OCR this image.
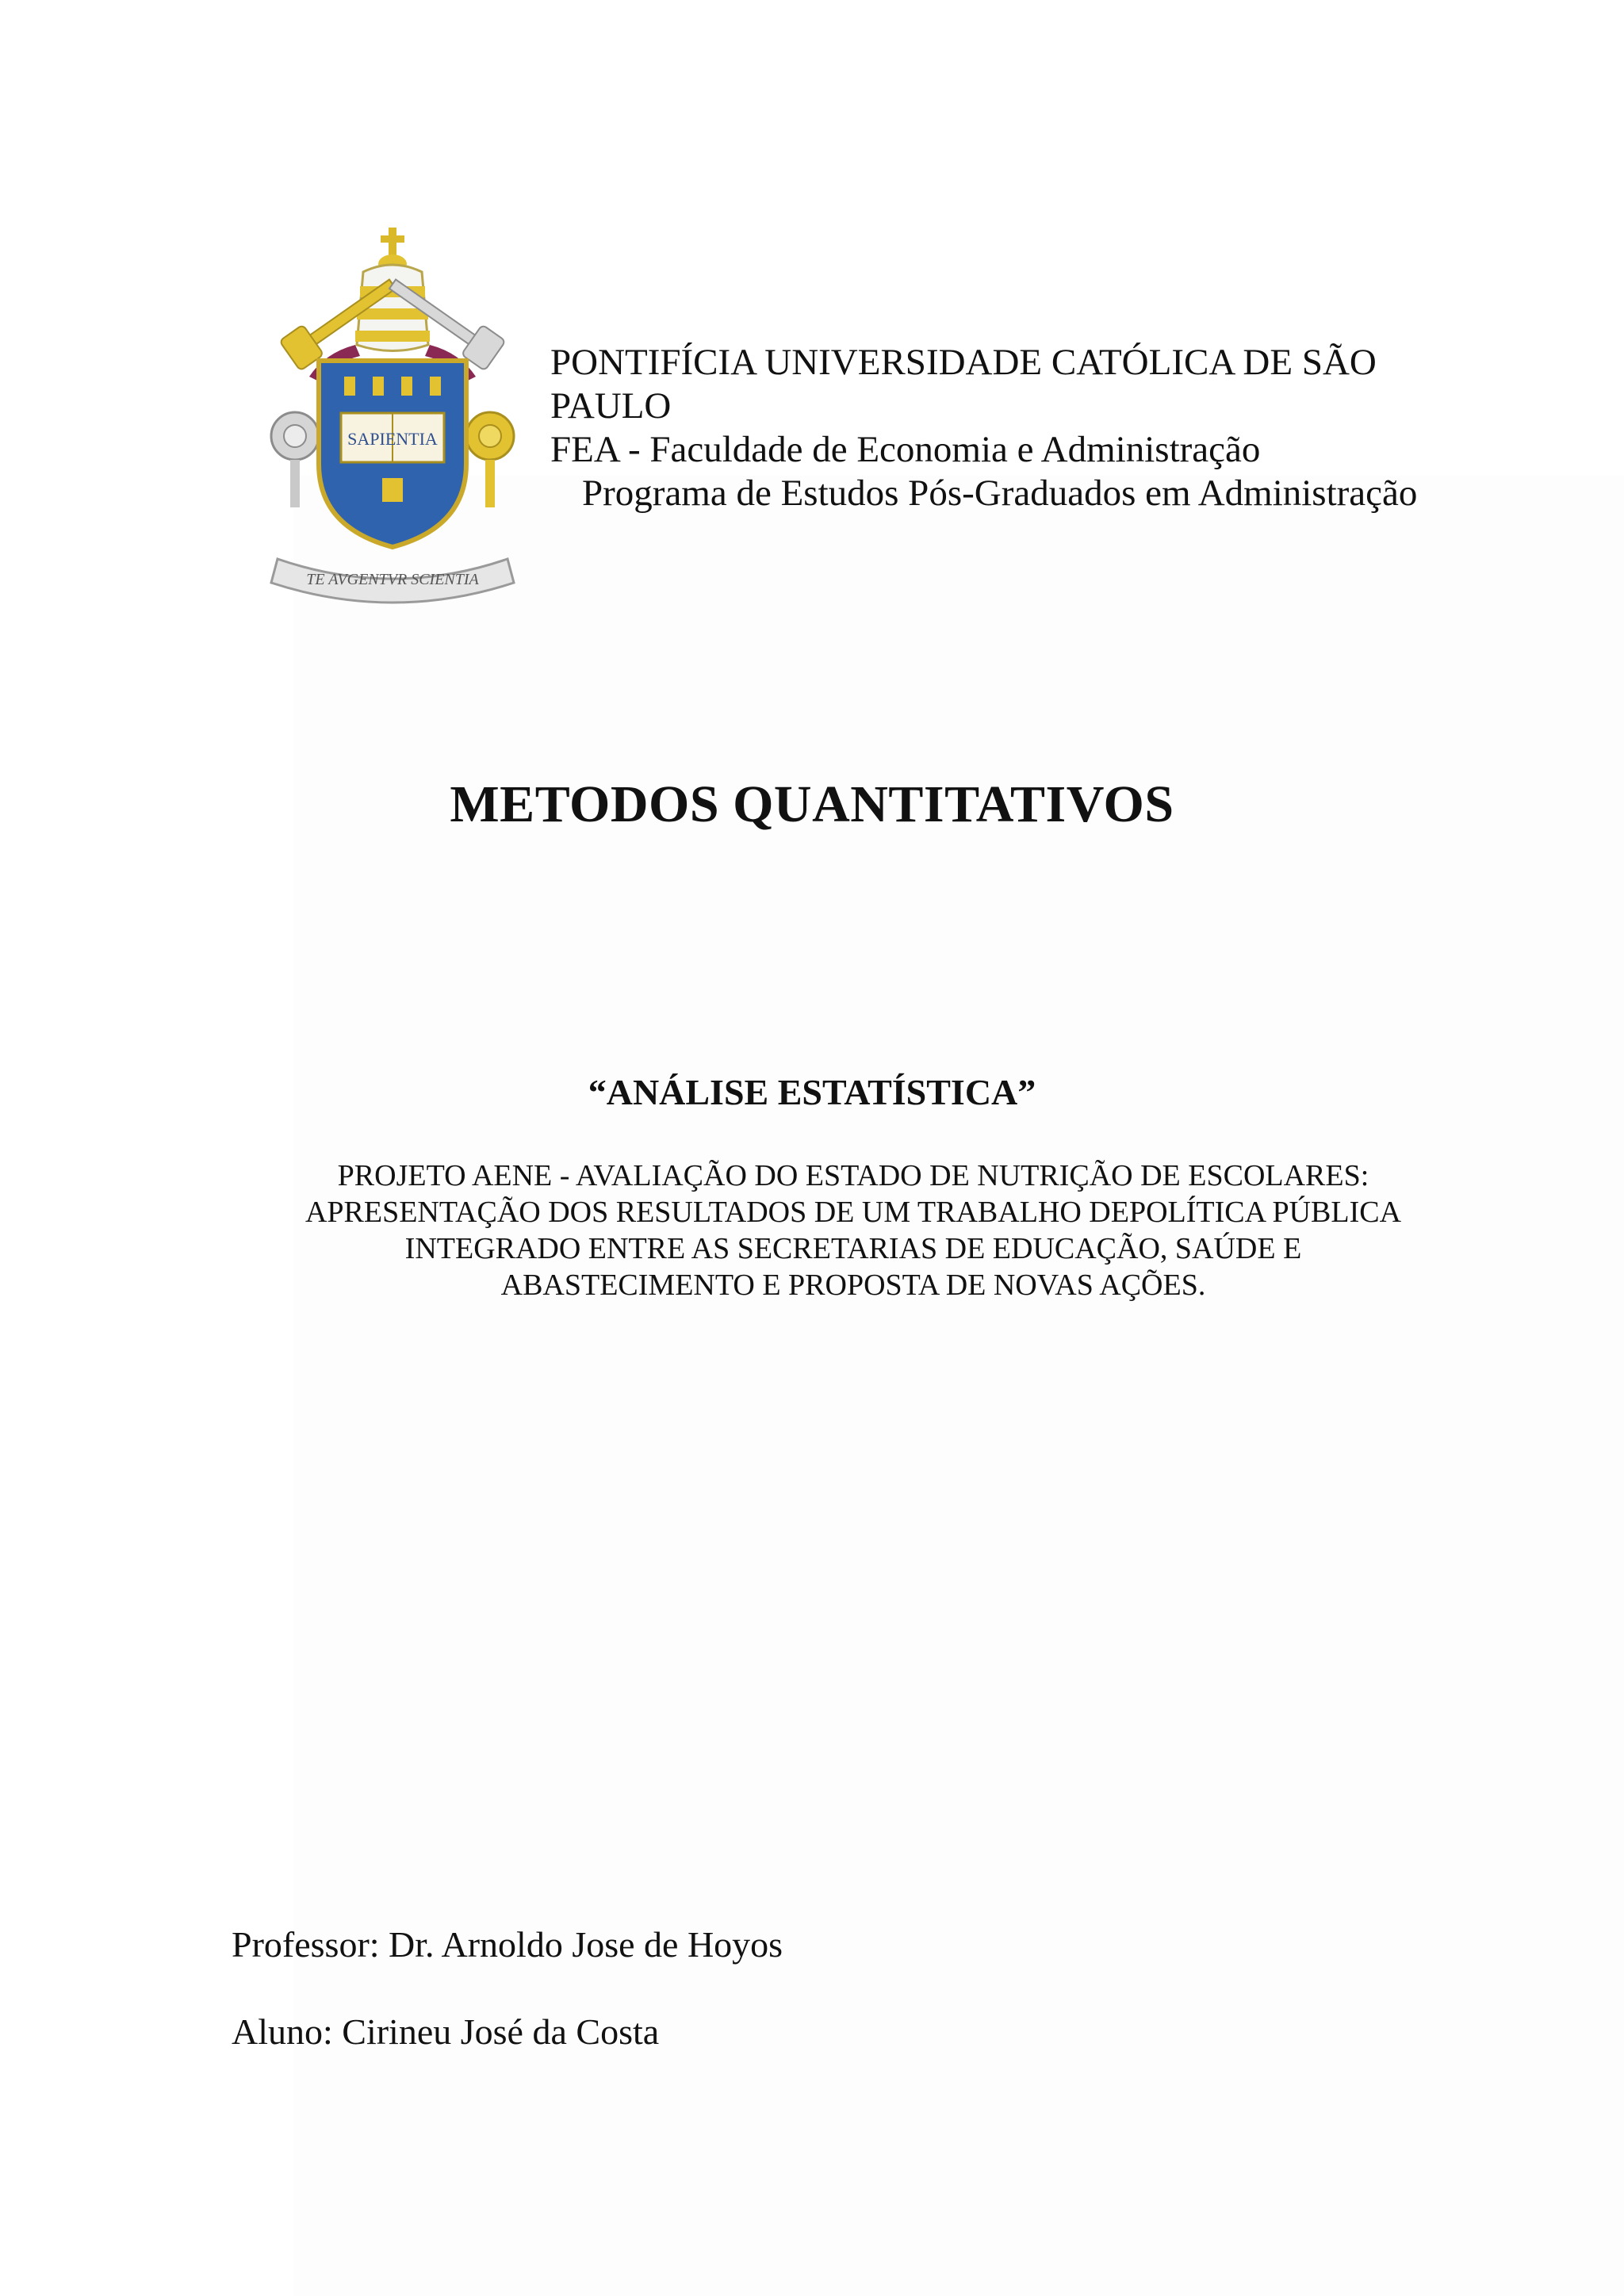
SAPIENTIA
TE AVGENTVR SCIENTIA
PONTIFÍCIA UNIVERSIDADE CATÓLICA DE SÃO
PAULO
FEA - Faculdade de Economia e Administração
Programa de Estudos Pós-Graduados em Administração
METODOS QUANTITATIVOS
“ANÁLISE ESTATÍSTICA”
PROJETO AENE - AVALIAÇÃO DO ESTADO DE NUTRIÇÃO DE ESCOLARES:
APRESENTAÇÃO DOS RESULTADOS DE UM TRABALHO DEPOLÍTICA PÚBLICA
INTEGRADO ENTRE AS SECRETARIAS DE EDUCAÇÃO, SAÚDE E
ABASTECIMENTO E PROPOSTA DE NOVAS AÇÕES.
Professor: Dr. Arnoldo Jose de Hoyos
Aluno: Cirineu José da Costa
